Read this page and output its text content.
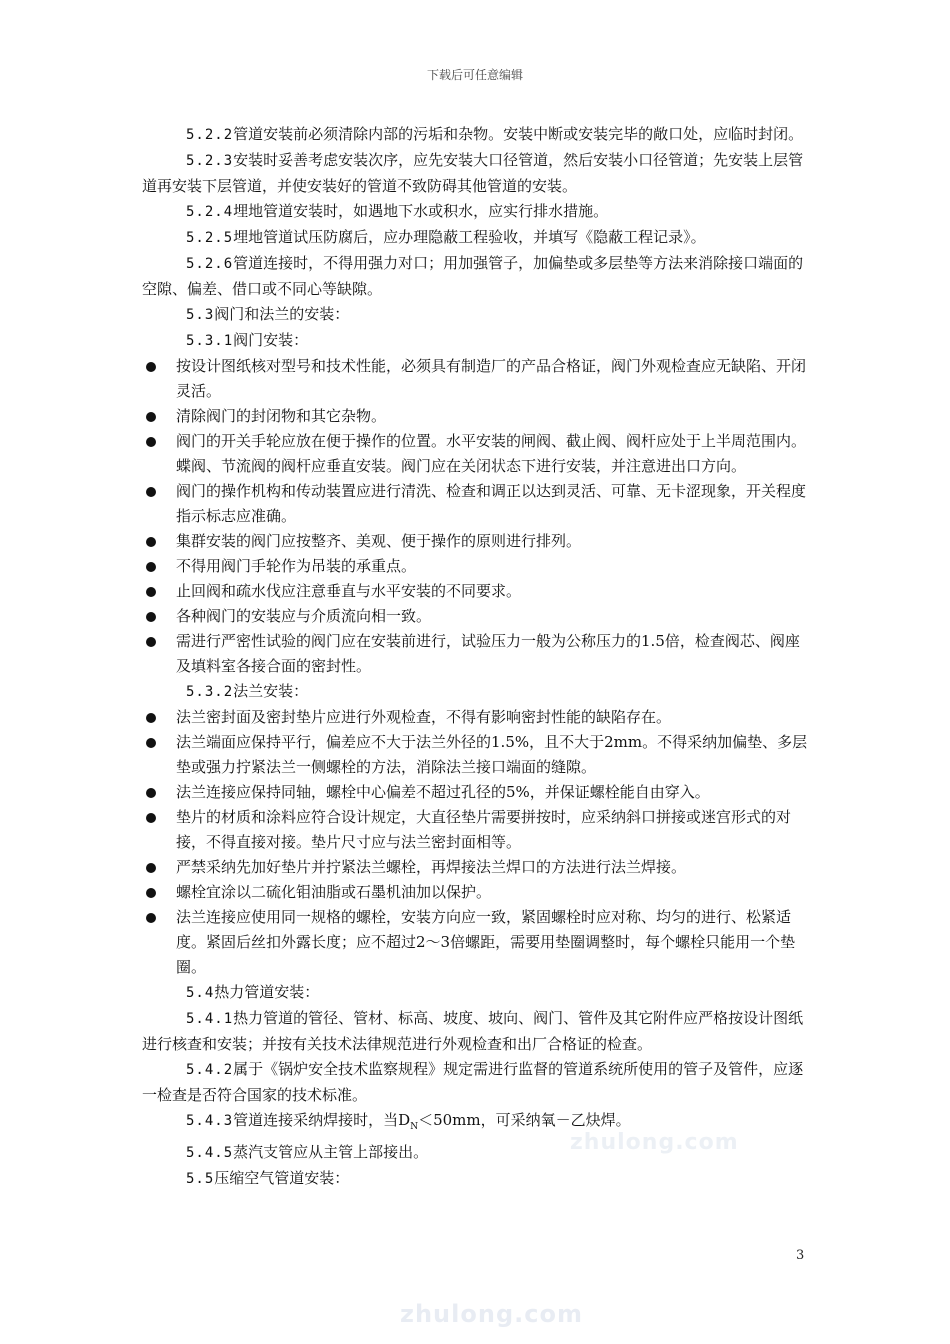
下载后可任意编辑

5.2.2管道安装前必须清除内部的污垢和杂物。安装中断或安装完毕的敞口处，应临时封闭。

5.2.3安装时妥善考虑安装次序，应先安装大口径管道，然后安装小口径管道；先安装上层管道再安装下层管道，并使安装好的管道不致防碍其他管道的安装。

5.2.4埋地管道安装时，如遇地下水或积水，应实行排水措施。

5.2.5埋地管道试压防腐后，应办理隐蔽工程验收，并填写《隐蔽工程记录》。

5.2.6管道连接时，不得用强力对口；用加强管子，加偏垫或多层垫等方法来消除接口端面的空隙、偏差、借口或不同心等缺隙。

5.3阀门和法兰的安装：

5.3.1阀门安装：

按设计图纸核对型号和技术性能，必须具有制造厂的产品合格证，阀门外观检查应无缺陷、开闭灵活。
清除阀门的封闭物和其它杂物。
阀门的开关手轮应放在便于操作的位置。水平安装的闸阀、截止阀、阀杆应处于上半周范围内。蝶阀、节流阀的阀杆应垂直安装。阀门应在关闭状态下进行安装，并注意进出口方向。
阀门的操作机构和传动装置应进行清洗、检查和调正以达到灵活、可靠、无卡涩现象，开关程度指示标志应准确。
集群安装的阀门应按整齐、美观、便于操作的原则进行排列。
不得用阀门手轮作为吊装的承重点。
止回阀和疏水伐应注意垂直与水平安装的不同要求。
各种阀门的安装应与介质流向相一致。
需进行严密性试验的阀门应在安装前进行，试验压力一般为公称压力的1.5倍，检查阀芯、阀座及填料室各接合面的密封性。

5.3.2法兰安装：

法兰密封面及密封垫片应进行外观检查，不得有影响密封性能的缺陷存在。
法兰端面应保持平行，偏差应不大于法兰外径的1.5%，且不大于2mm。不得采纳加偏垫、多层垫或强力拧紧法兰一侧螺栓的方法，消除法兰接口端面的缝隙。
法兰连接应保持同轴，螺栓中心偏差不超过孔径的5%，并保证螺栓能自由穿入。
垫片的材质和涂料应符合设计规定，大直径垫片需要拼按时，应采纳斜口拼接或迷宫形式的对接，不得直接对接。垫片尺寸应与法兰密封面相等。
严禁采纳先加好垫片并拧紧法兰螺栓，再焊接法兰焊口的方法进行法兰焊接。
螺栓宜涂以二硫化钼油脂或石墨机油加以保护。
法兰连接应使用同一规格的螺栓，安装方向应一致，紧固螺栓时应对称、均匀的进行、松紧适度。紧固后丝扣外露长度；应不超过2～3倍螺距，需要用垫圈调整时，每个螺栓只能用一个垫圈。

5.4热力管道安装：

5.4.1热力管道的管径、管材、标高、坡度、坡向、阀门、管件及其它附件应严格按设计图纸进行核查和安装；并按有关技术法律规范进行外观检查和出厂合格证的检查。

5.4.2属于《锅炉安全技术监察规程》规定需进行监督的管道系统所使用的管子及管件，应逐一检查是否符合国家的技术标准。

5.4.3管道连接采纳焊接时，当$D_N<50mm$，可采纳氧－乙炔焊。

5.4.5蒸汽支管应从主管上部接出。

5.5压缩空气管道安装：

zhulong.com
zhulong.com
3
